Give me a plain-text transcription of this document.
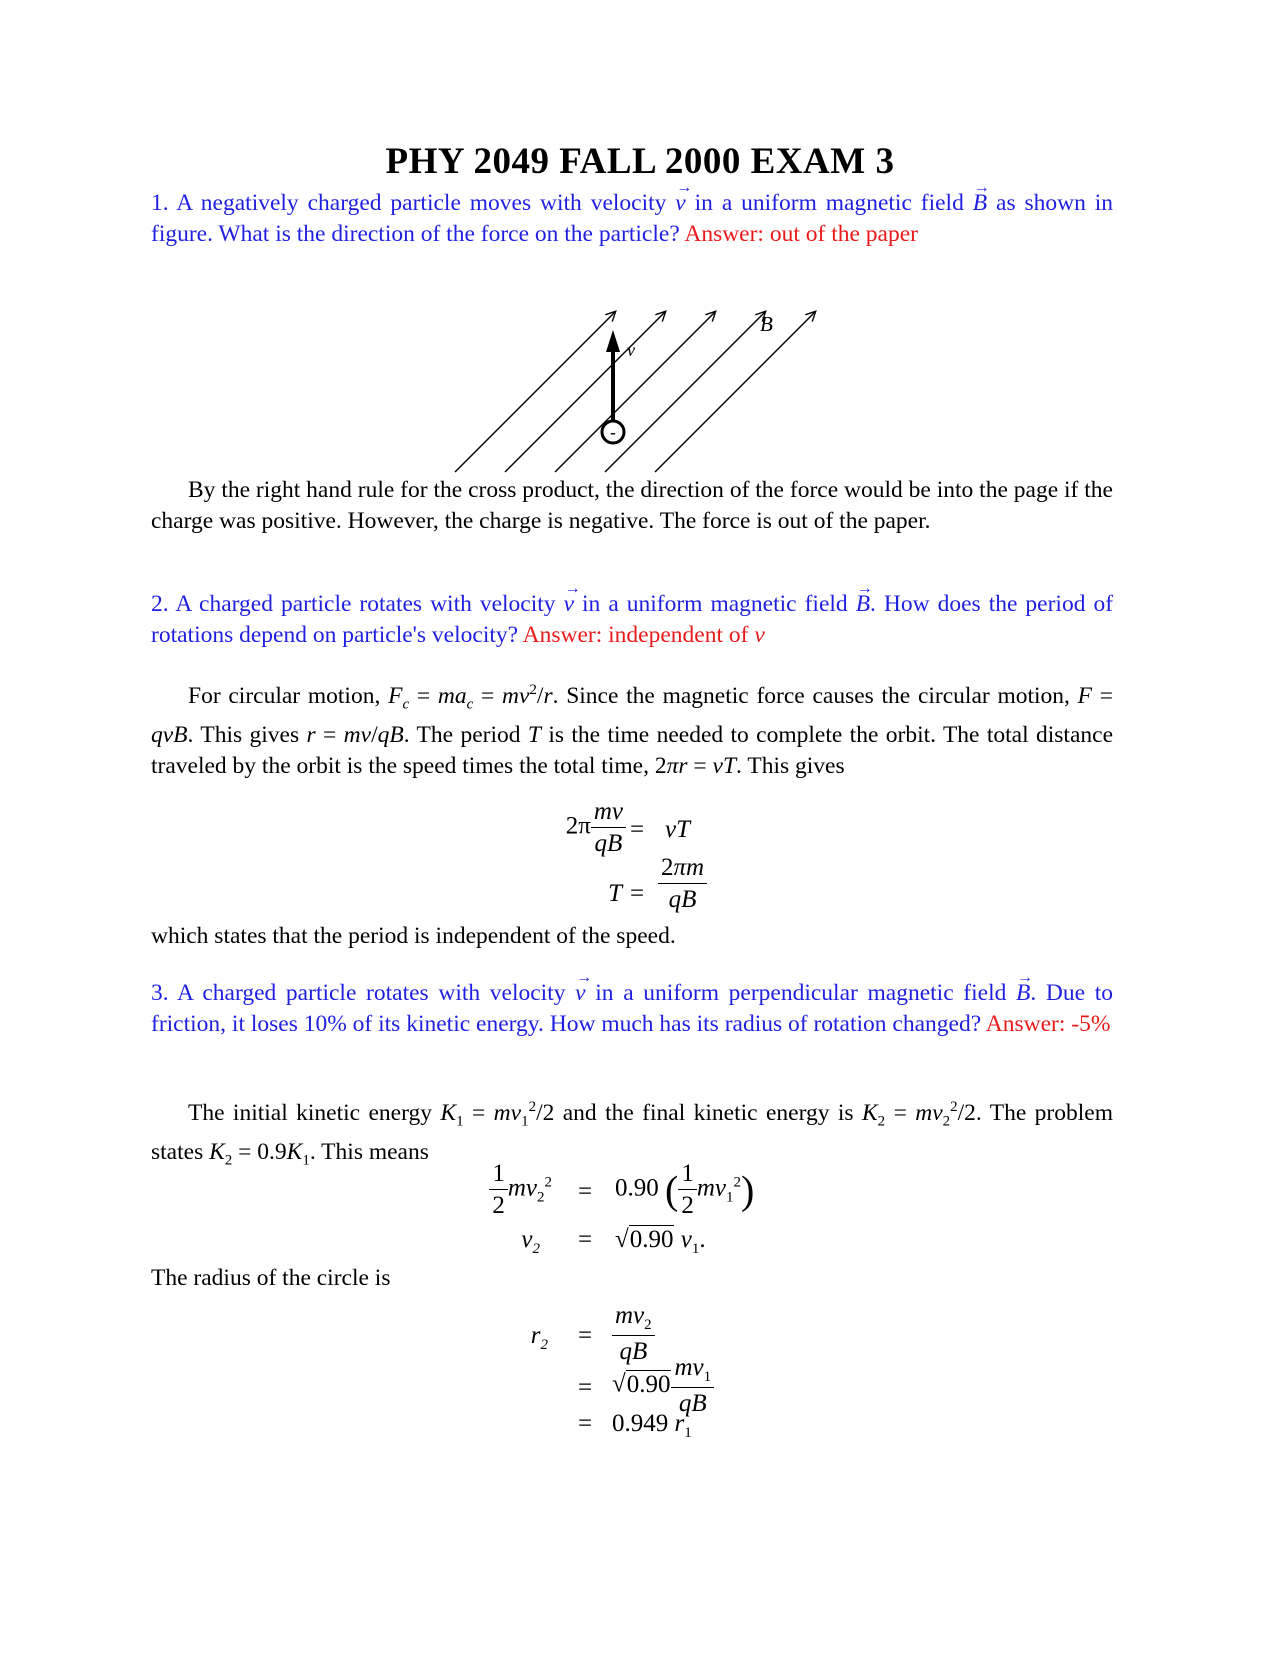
PHY 2049 FALL 2000 EXAM 3
1. A negatively charged particle moves with velocity → v in a uniform magnetic field → B as shown in figure. What is the direction of the force on the particle? Answer: out of the paper
-
v
B
By the right hand rule for the cross product, the direction of the force would be into the page if the charge was positive. However, the charge is negative. The force is out of the paper.
2. A charged particle rotates with velocity → v in a uniform magnetic field → B. How does the period of rotations depend on particle's velocity? Answer: independent of v
For circular motion, $F_c = ma_c = mv^2/r$. Since the magnetic force causes the circular motion, F = qvB. This gives r = mv/qB. The period T is the time needed to complete the orbit. The total distance traveled by the orbit is the speed times the total time, 2πr = vT. This gives
$2\pi \frac{mv}{qB}$ = vT
$T = \frac{2\pi m}{qB}$
which states that the period is independent of the speed.
3. A charged particle rotates with velocity → v in a uniform perpendicular magnetic field → B. Due to friction, it loses 10% of its kinetic energy. How much has its radius of rotation changed? Answer: -5%
The initial kinetic energy $K_1 = mv_1^2/2$ and the final kinetic energy is $K_2 = mv_2^2/2$. The problem states $K_2 = 0.9K_1$. This means
$\frac{1}{2} mv_2^2 = 0.90$ ( $\frac{1}{2} mv_1^2$)
$v_2 = √0.90$ $v_1$.
The radius of the circle is
$r_2 = \frac{mv_2}{qB}$
= $√0.90 \frac{mv_1}{qB}$
= 0.949 $r_1$
